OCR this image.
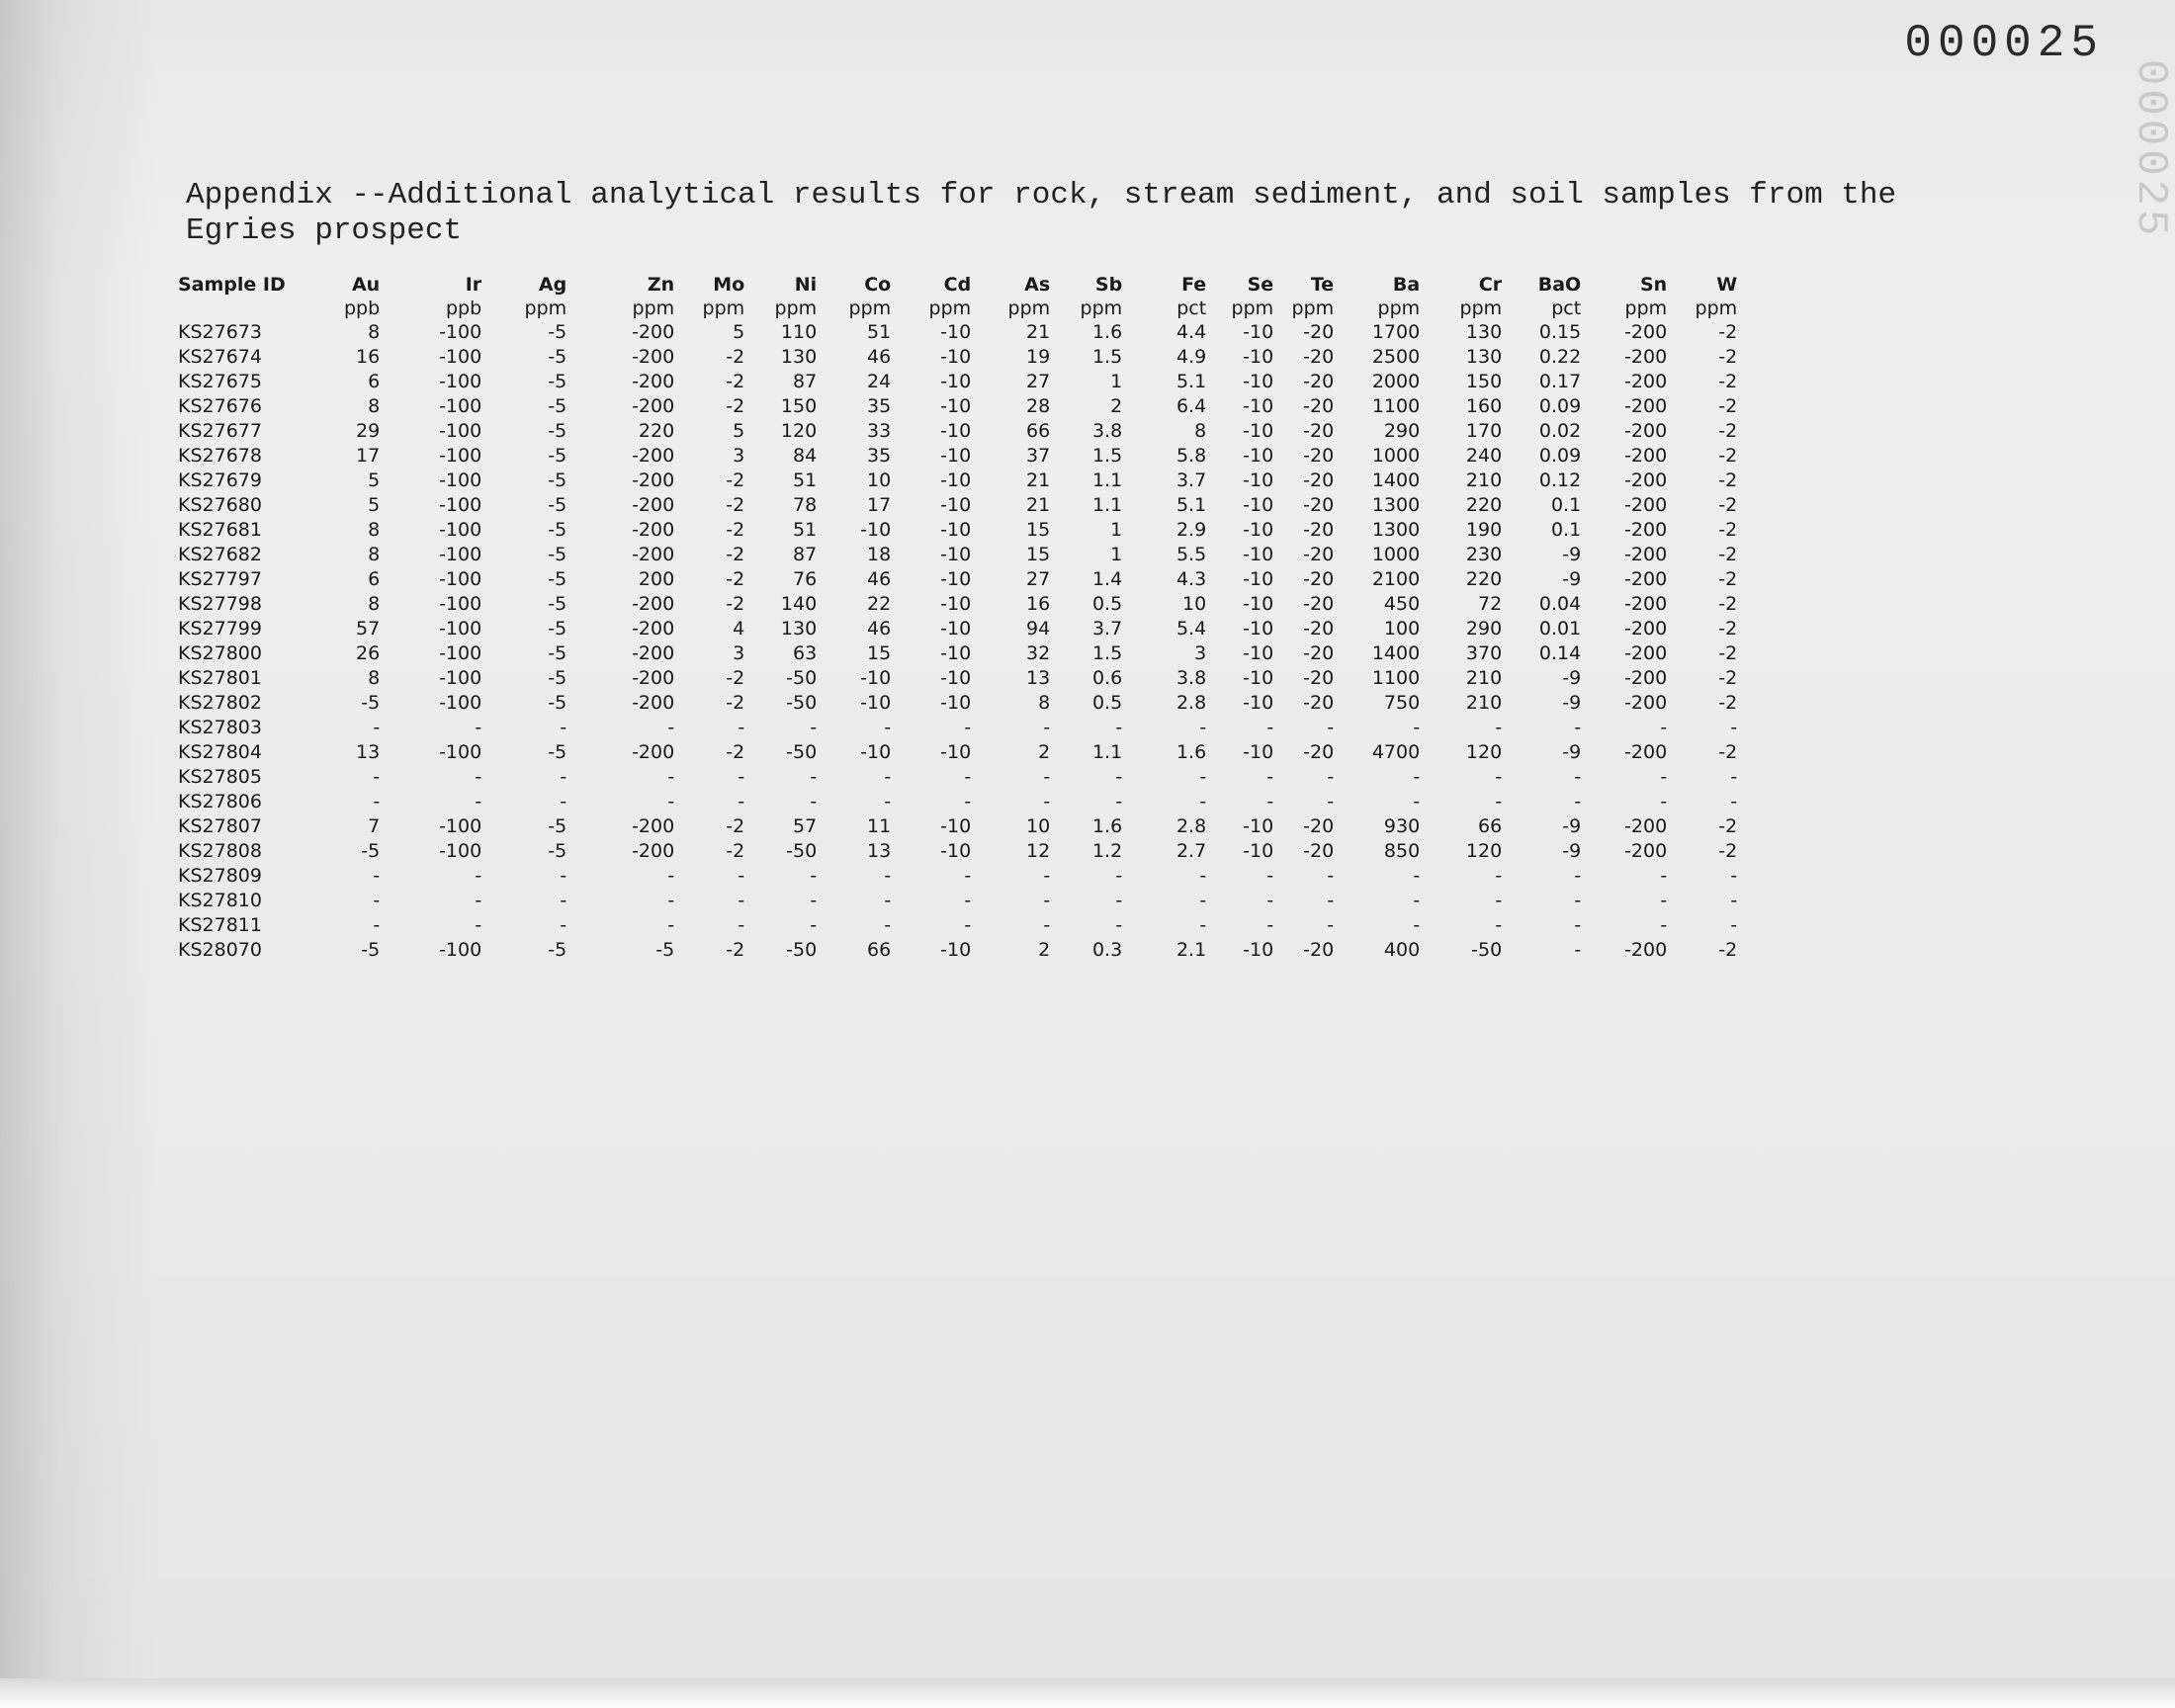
000025
Appendix --Additional analytical results for rock, stream sediment, and soil samples from the Egries prospect
Sample ID	Au	Ir	Ag	Zn	Mo	Ni	Co	Cd	As	Sb	Fe	Se	Te	Ba	Cr	BaO	Sn	W
	ppb	ppb	ppm	ppm	ppm	ppm	ppm	ppm	ppm	ppm	pct	ppm	ppm	ppm	ppm	pct	ppm	ppm
KS27673	8	-100	-5	-200	5	110	51	-10	21	1.6	4.4	-10	-20	1700	130	0.15	-200	-2
KS27674	16	-100	-5	-200	-2	130	46	-10	19	1.5	4.9	-10	-20	2500	130	0.22	-200	-2
KS27675	6	-100	-5	-200	-2	87	24	-10	27	1	5.1	-10	-20	2000	150	0.17	-200	-2
KS27676	8	-100	-5	-200	-2	150	35	-10	28	2	6.4	-10	-20	1100	160	0.09	-200	-2
KS27677	29	-100	-5	220	5	120	33	-10	66	3.8	8	-10	-20	290	170	0.02	-200	-2
KS27678	17	-100	-5	-200	3	84	35	-10	37	1.5	5.8	-10	-20	1000	240	0.09	-200	-2
KS27679	5	-100	-5	-200	-2	51	10	-10	21	1.1	3.7	-10	-20	1400	210	0.12	-200	-2
KS27680	5	-100	-5	-200	-2	78	17	-10	21	1.1	5.1	-10	-20	1300	220	0.1	-200	-2
KS27681	8	-100	-5	-200	-2	51	-10	-10	15	1	2.9	-10	-20	1300	190	0.1	-200	-2
KS27682	8	-100	-5	-200	-2	87	18	-10	15	1	5.5	-10	-20	1000	230	-9	-200	-2
KS27797	6	-100	-5	200	-2	76	46	-10	27	1.4	4.3	-10	-20	2100	220	-9	-200	-2
KS27798	8	-100	-5	-200	-2	140	22	-10	16	0.5	10	-10	-20	450	72	0.04	-200	-2
KS27799	57	-100	-5	-200	4	130	46	-10	94	3.7	5.4	-10	-20	100	290	0.01	-200	-2
KS27800	26	-100	-5	-200	3	63	15	-10	32	1.5	3	-10	-20	1400	370	0.14	-200	-2
KS27801	8	-100	-5	-200	-2	-50	-10	-10	13	0.6	3.8	-10	-20	1100	210	-9	-200	-2
KS27802	-5	-100	-5	-200	-2	-50	-10	-10	8	0.5	2.8	-10	-20	750	210	-9	-200	-2
KS27803	-	-	-	-	-	-	-	-	-	-	-	-	-	-	-	-	-	-
KS27804	13	-100	-5	-200	-2	-50	-10	-10	2	1.1	1.6	-10	-20	4700	120	-9	-200	-2
KS27805	-	-	-	-	-	-	-	-	-	-	-	-	-	-	-	-	-	-
KS27806	-	-	-	-	-	-	-	-	-	-	-	-	-	-	-	-	-	-
KS27807	7	-100	-5	-200	-2	57	11	-10	10	1.6	2.8	-10	-20	930	66	-9	-200	-2
KS27808	-5	-100	-5	-200	-2	-50	13	-10	12	1.2	2.7	-10	-20	850	120	-9	-200	-2
KS27809	-	-	-	-	-	-	-	-	-	-	-	-	-	-	-	-	-	-
KS27810	-	-	-	-	-	-	-	-	-	-	-	-	-	-	-	-	-	-
KS27811	-	-	-	-	-	-	-	-	-	-	-	-	-	-	-	-	-	-
KS28070	-5	-100	-5	-5	-2	-50	66	-10	2	0.3	2.1	-10	-20	400	-50	-	-200	-2
